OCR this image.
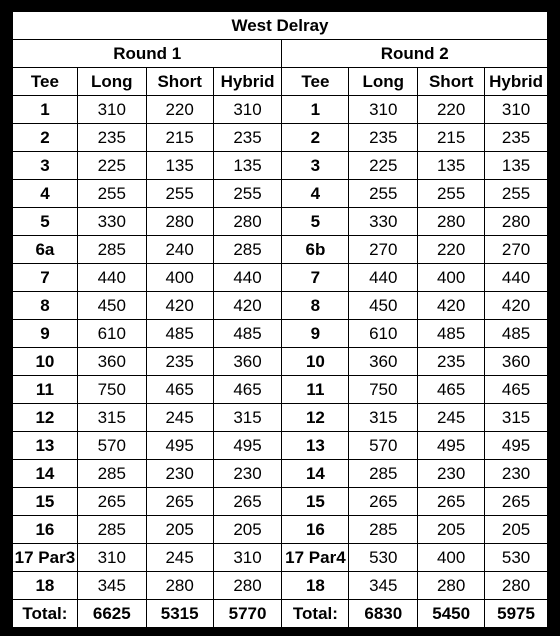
West Delray							
Round 1				Round 2			
Tee	Long	Short	Hybrid	Tee	Long	Short	Hybrid
1	310	220	310	1	310	220	310
2	235	215	235	2	235	215	235
3	225	135	135	3	225	135	135
4	255	255	255	4	255	255	255
5	330	280	280	5	330	280	280
6a	285	240	285	6b	270	220	270
7	440	400	440	7	440	400	440
8	450	420	420	8	450	420	420
9	610	485	485	9	610	485	485
10	360	235	360	10	360	235	360
11	750	465	465	11	750	465	465
12	315	245	315	12	315	245	315
13	570	495	495	13	570	495	495
14	285	230	230	14	285	230	230
15	265	265	265	15	265	265	265
16	285	205	205	16	285	205	205
17 Par3	310	245	310	17 Par4	530	400	530
18	345	280	280	18	345	280	280
Total:	6625	5315	5770	Total:	6830	5450	5975
